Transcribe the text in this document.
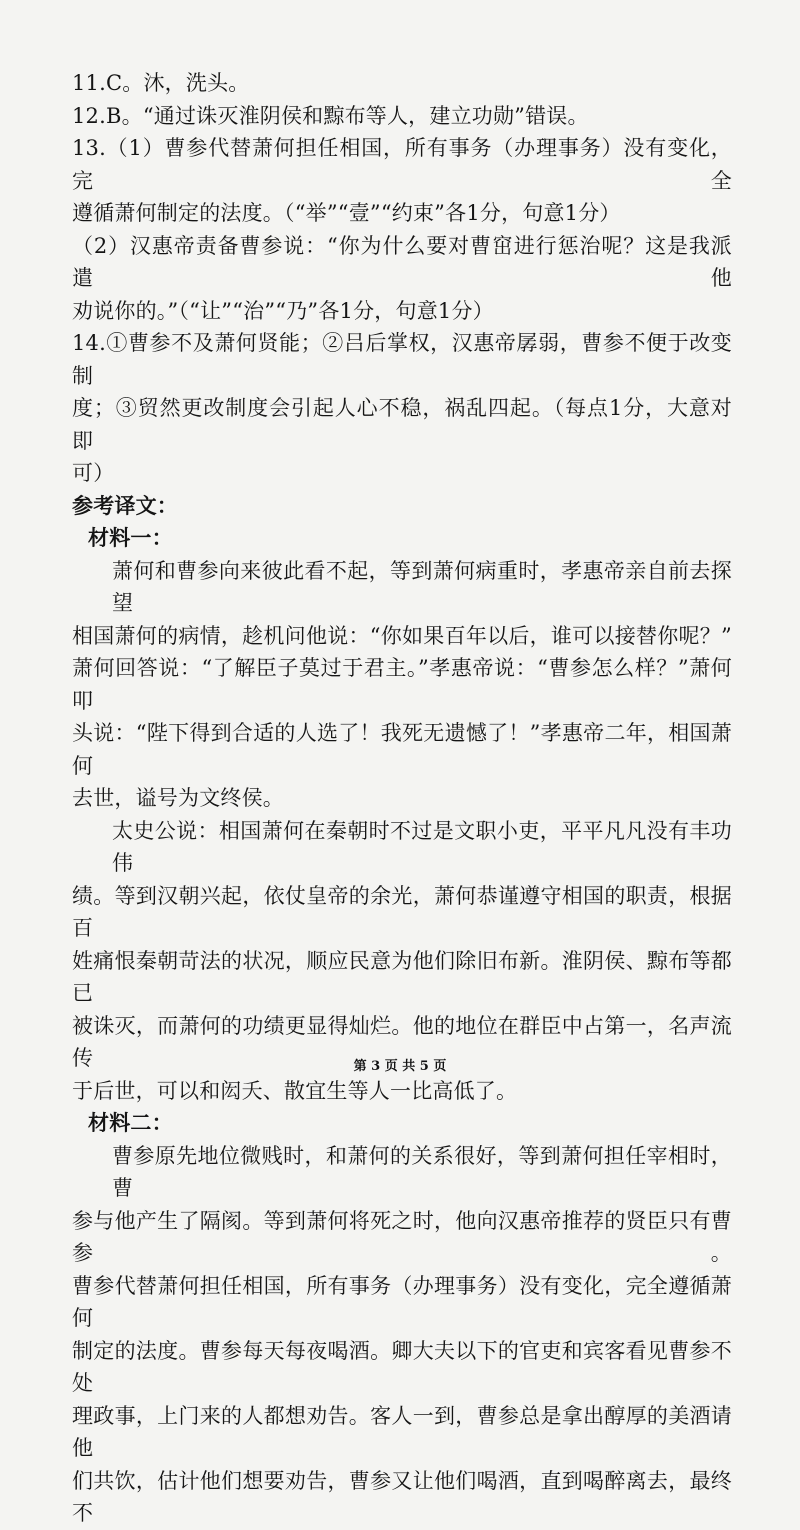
11.C。沐，洗头。
12.B。“通过诛灭淮阴侯和黥布等人，建立功勋”错误。
13.（1）曹参代替萧何担任相国，所有事务（办理事务）没有变化，完全
遵循萧何制定的法度。（“举”“壹”“约束”各1分，句意1分）
（2）汉惠帝责备曹参说：“你为什么要对曹窋进行惩治呢？这是我派遣他
劝说你的。”（“让”“治”“乃”各1分，句意1分）
14.①曹参不及萧何贤能；②吕后掌权，汉惠帝孱弱，曹参不便于改变制
度；③贸然更改制度会引起人心不稳，祸乱四起。（每点1分，大意对即
可）
参考译文：
材料一：
萧何和曹参向来彼此看不起，等到萧何病重时，孝惠帝亲自前去探望
相国萧何的病情，趁机问他说：“你如果百年以后，谁可以接替你呢？”
萧何回答说：“了解臣子莫过于君主。”孝惠帝说：“曹参怎么样？”萧何叩
头说：“陛下得到合适的人选了！我死无遗憾了！”孝惠帝二年，相国萧何
去世，谥号为文终侯。
太史公说：相国萧何在秦朝时不过是文职小吏，平平凡凡没有丰功伟
绩。等到汉朝兴起，依仗皇帝的余光，萧何恭谨遵守相国的职责，根据百
姓痛恨秦朝苛法的状况，顺应民意为他们除旧布新。淮阴侯、黥布等都已
被诛灭，而萧何的功绩更显得灿烂。他的地位在群臣中占第一，名声流传
于后世，可以和闳夭、散宜生等人一比高低了。
材料二：
曹参原先地位微贱时，和萧何的关系很好，等到萧何担任宰相时，曹
参与他产生了隔阂。等到萧何将死之时，他向汉惠帝推荐的贤臣只有曹参。
曹参代替萧何担任相国，所有事务（办理事务）没有变化，完全遵循萧何
制定的法度。曹参每天每夜喝酒。卿大夫以下的官吏和宾客看见曹参不处
理政事，上门来的人都想劝告。客人一到，曹参总是拿出醇厚的美酒请他
们共饮，估计他们想要劝告，曹参又让他们喝酒，直到喝醉离去，最终不
第 3 页 共 5 页
